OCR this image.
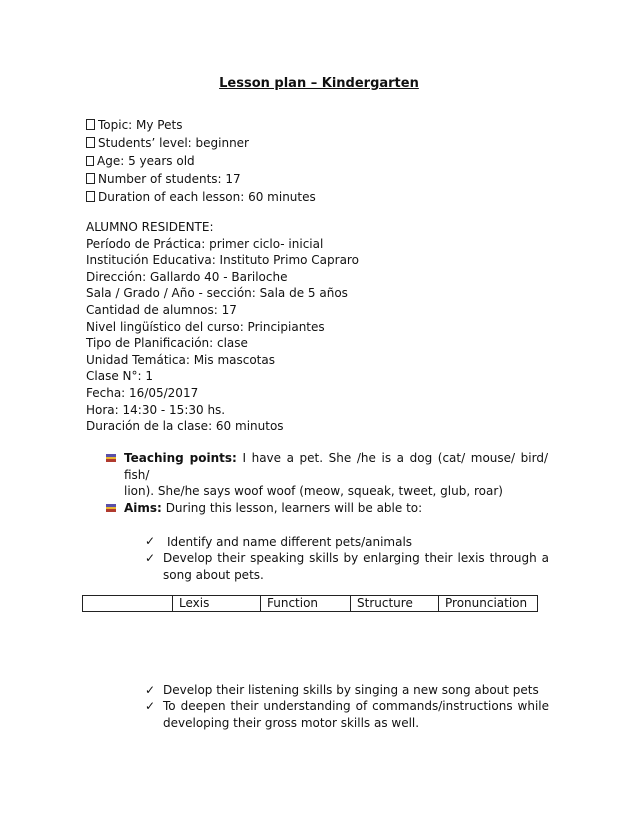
Lesson plan – Kindergarten
Topic: My Pets
Students’ level: beginner
Age: 5 years old
Number of students: 17
Duration of each lesson: 60 minutes
ALUMNO RESIDENTE:
Período de Práctica: primer ciclo- inicial
Institución Educativa: Instituto Primo Capraro
Dirección: Gallardo 40 - Bariloche
Sala / Grado / Año - sección: Sala de 5 años
Cantidad de alumnos: 17
Nivel lingüístico del curso: Principiantes
Tipo de Planificación: clase
Unidad Temática: Mis mascotas
Clase N°: 1
Fecha: 16/05/2017
Hora: 14:30 - 15:30 hs.
Duración de la clase: 60 minutos
Teaching points: I have a pet. She /he is a dog (cat/ mouse/ bird/ fish/
lion). She/he says woof woof (meow, squeak, tweet, glub, roar)
Aims: During this lesson, learners will be able to:
✓ Identify and name different pets/animals
✓ Develop their speaking skills by enlarging their lexis through a song about pets.
	Lexis	Function	Structure	Pronunciation
✓ Develop their listening skills by singing a new song about pets
✓ To deepen their understanding of commands/instructions while developing their gross motor skills as well.
